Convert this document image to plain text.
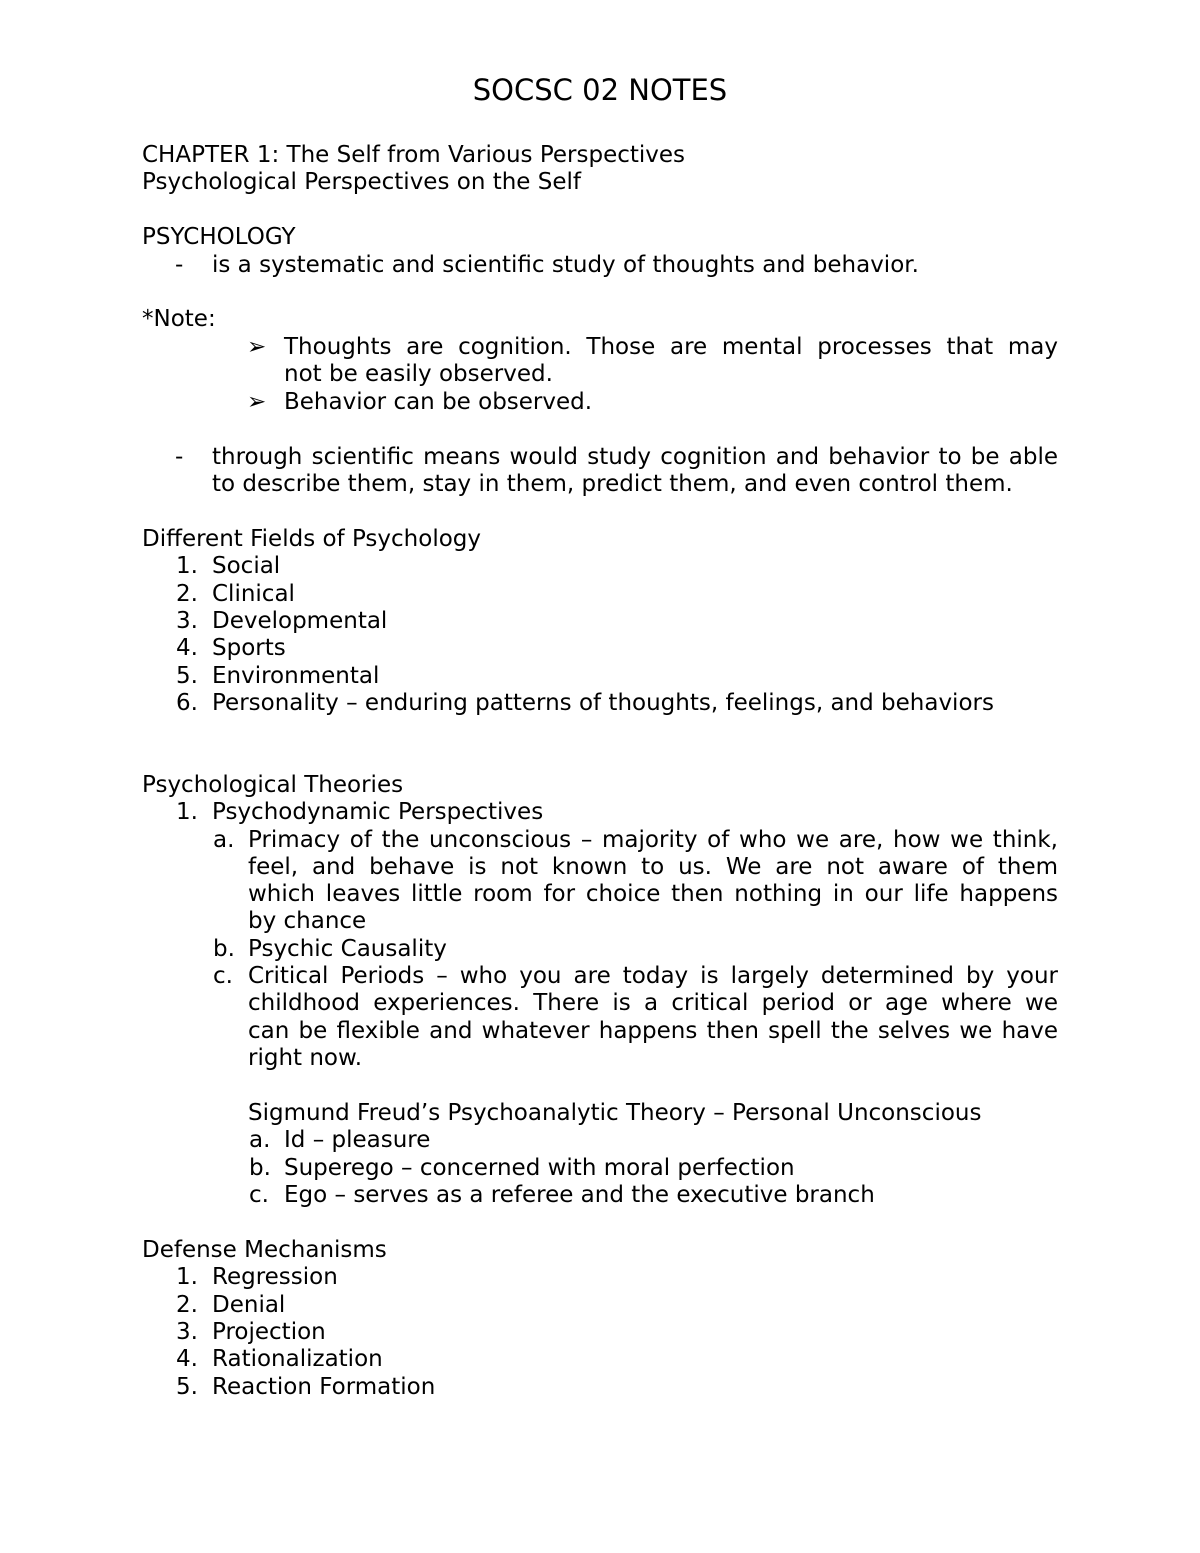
SOCSC 02 NOTES
CHAPTER 1: The Self from Various Perspectives
Psychological Perspectives on the Self
PSYCHOLOGY
- is a systematic and scientific study of thoughts and behavior.
*Note:
➢ Thoughts are cognition. Those are mental processes that may
not be easily observed.
➢ Behavior can be observed.
- through scientific means would study cognition and behavior to be able
to describe them, stay in them, predict them, and even control them.
Different Fields of Psychology
1. Social
2. Clinical
3. Developmental
4. Sports
5. Environmental
6. Personality – enduring patterns of thoughts, feelings, and behaviors
Psychological Theories
1. Psychodynamic Perspectives
a. Primacy of the unconscious – majority of who we are, how we think,
feel, and behave is not known to us. We are not aware of them
which leaves little room for choice then nothing in our life happens
by chance
b. Psychic Causality
c. Critical Periods – who you are today is largely determined by your
childhood experiences. There is a critical period or age where we
can be flexible and whatever happens then spell the selves we have
right now.
Sigmund Freud’s Psychoanalytic Theory – Personal Unconscious
a. Id – pleasure
b. Superego – concerned with moral perfection
c. Ego – serves as a referee and the executive branch
Defense Mechanisms
1. Regression
2. Denial
3. Projection
4. Rationalization
5. Reaction Formation
